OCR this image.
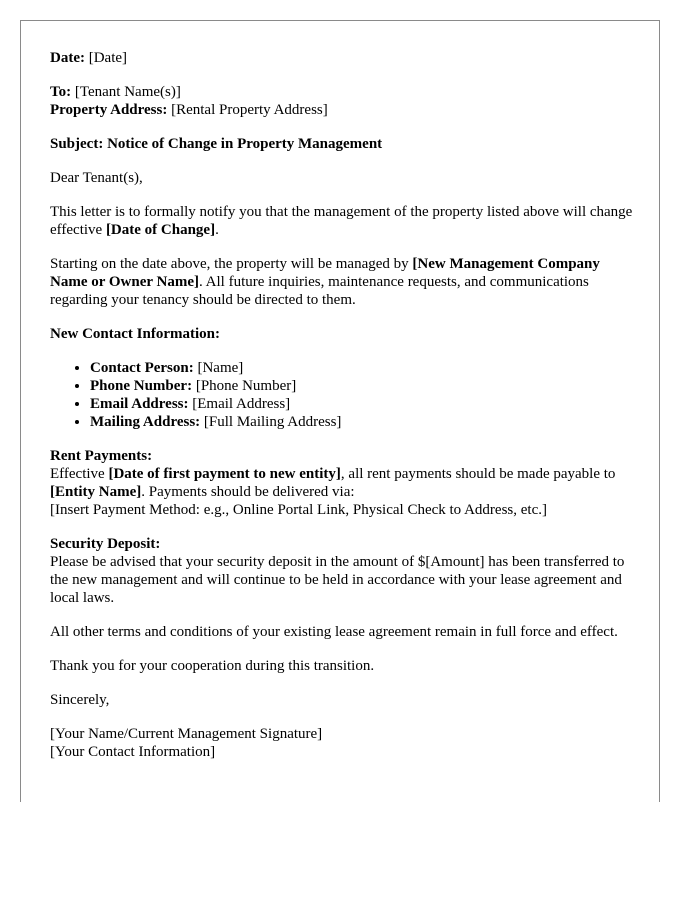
Date: [Date]

To: [Tenant Name(s)]
Property Address: [Rental Property Address]

Subject: Notice of Change in Property Management

Dear Tenant(s),

This letter is to formally notify you that the management of the property listed above will change effective [Date of Change].

Starting on the date above, the property will be managed by [New Management Company Name or Owner Name]. All future inquiries, maintenance requests, and communications regarding your tenancy should be directed to them.

New Contact Information:

• Contact Person: [Name]
• Phone Number: [Phone Number]
• Email Address: [Email Address]
• Mailing Address: [Full Mailing Address]

Rent Payments:
Effective [Date of first payment to new entity], all rent payments should be made payable to [Entity Name]. Payments should be delivered via:
[Insert Payment Method: e.g., Online Portal Link, Physical Check to Address, etc.]

Security Deposit:
Please be advised that your security deposit in the amount of $[Amount] has been transferred to the new management and will continue to be held in accordance with your lease agreement and local laws.

All other terms and conditions of your existing lease agreement remain in full force and effect.

Thank you for your cooperation during this transition.

Sincerely,

[Your Name/Current Management Signature]
[Your Contact Information]
